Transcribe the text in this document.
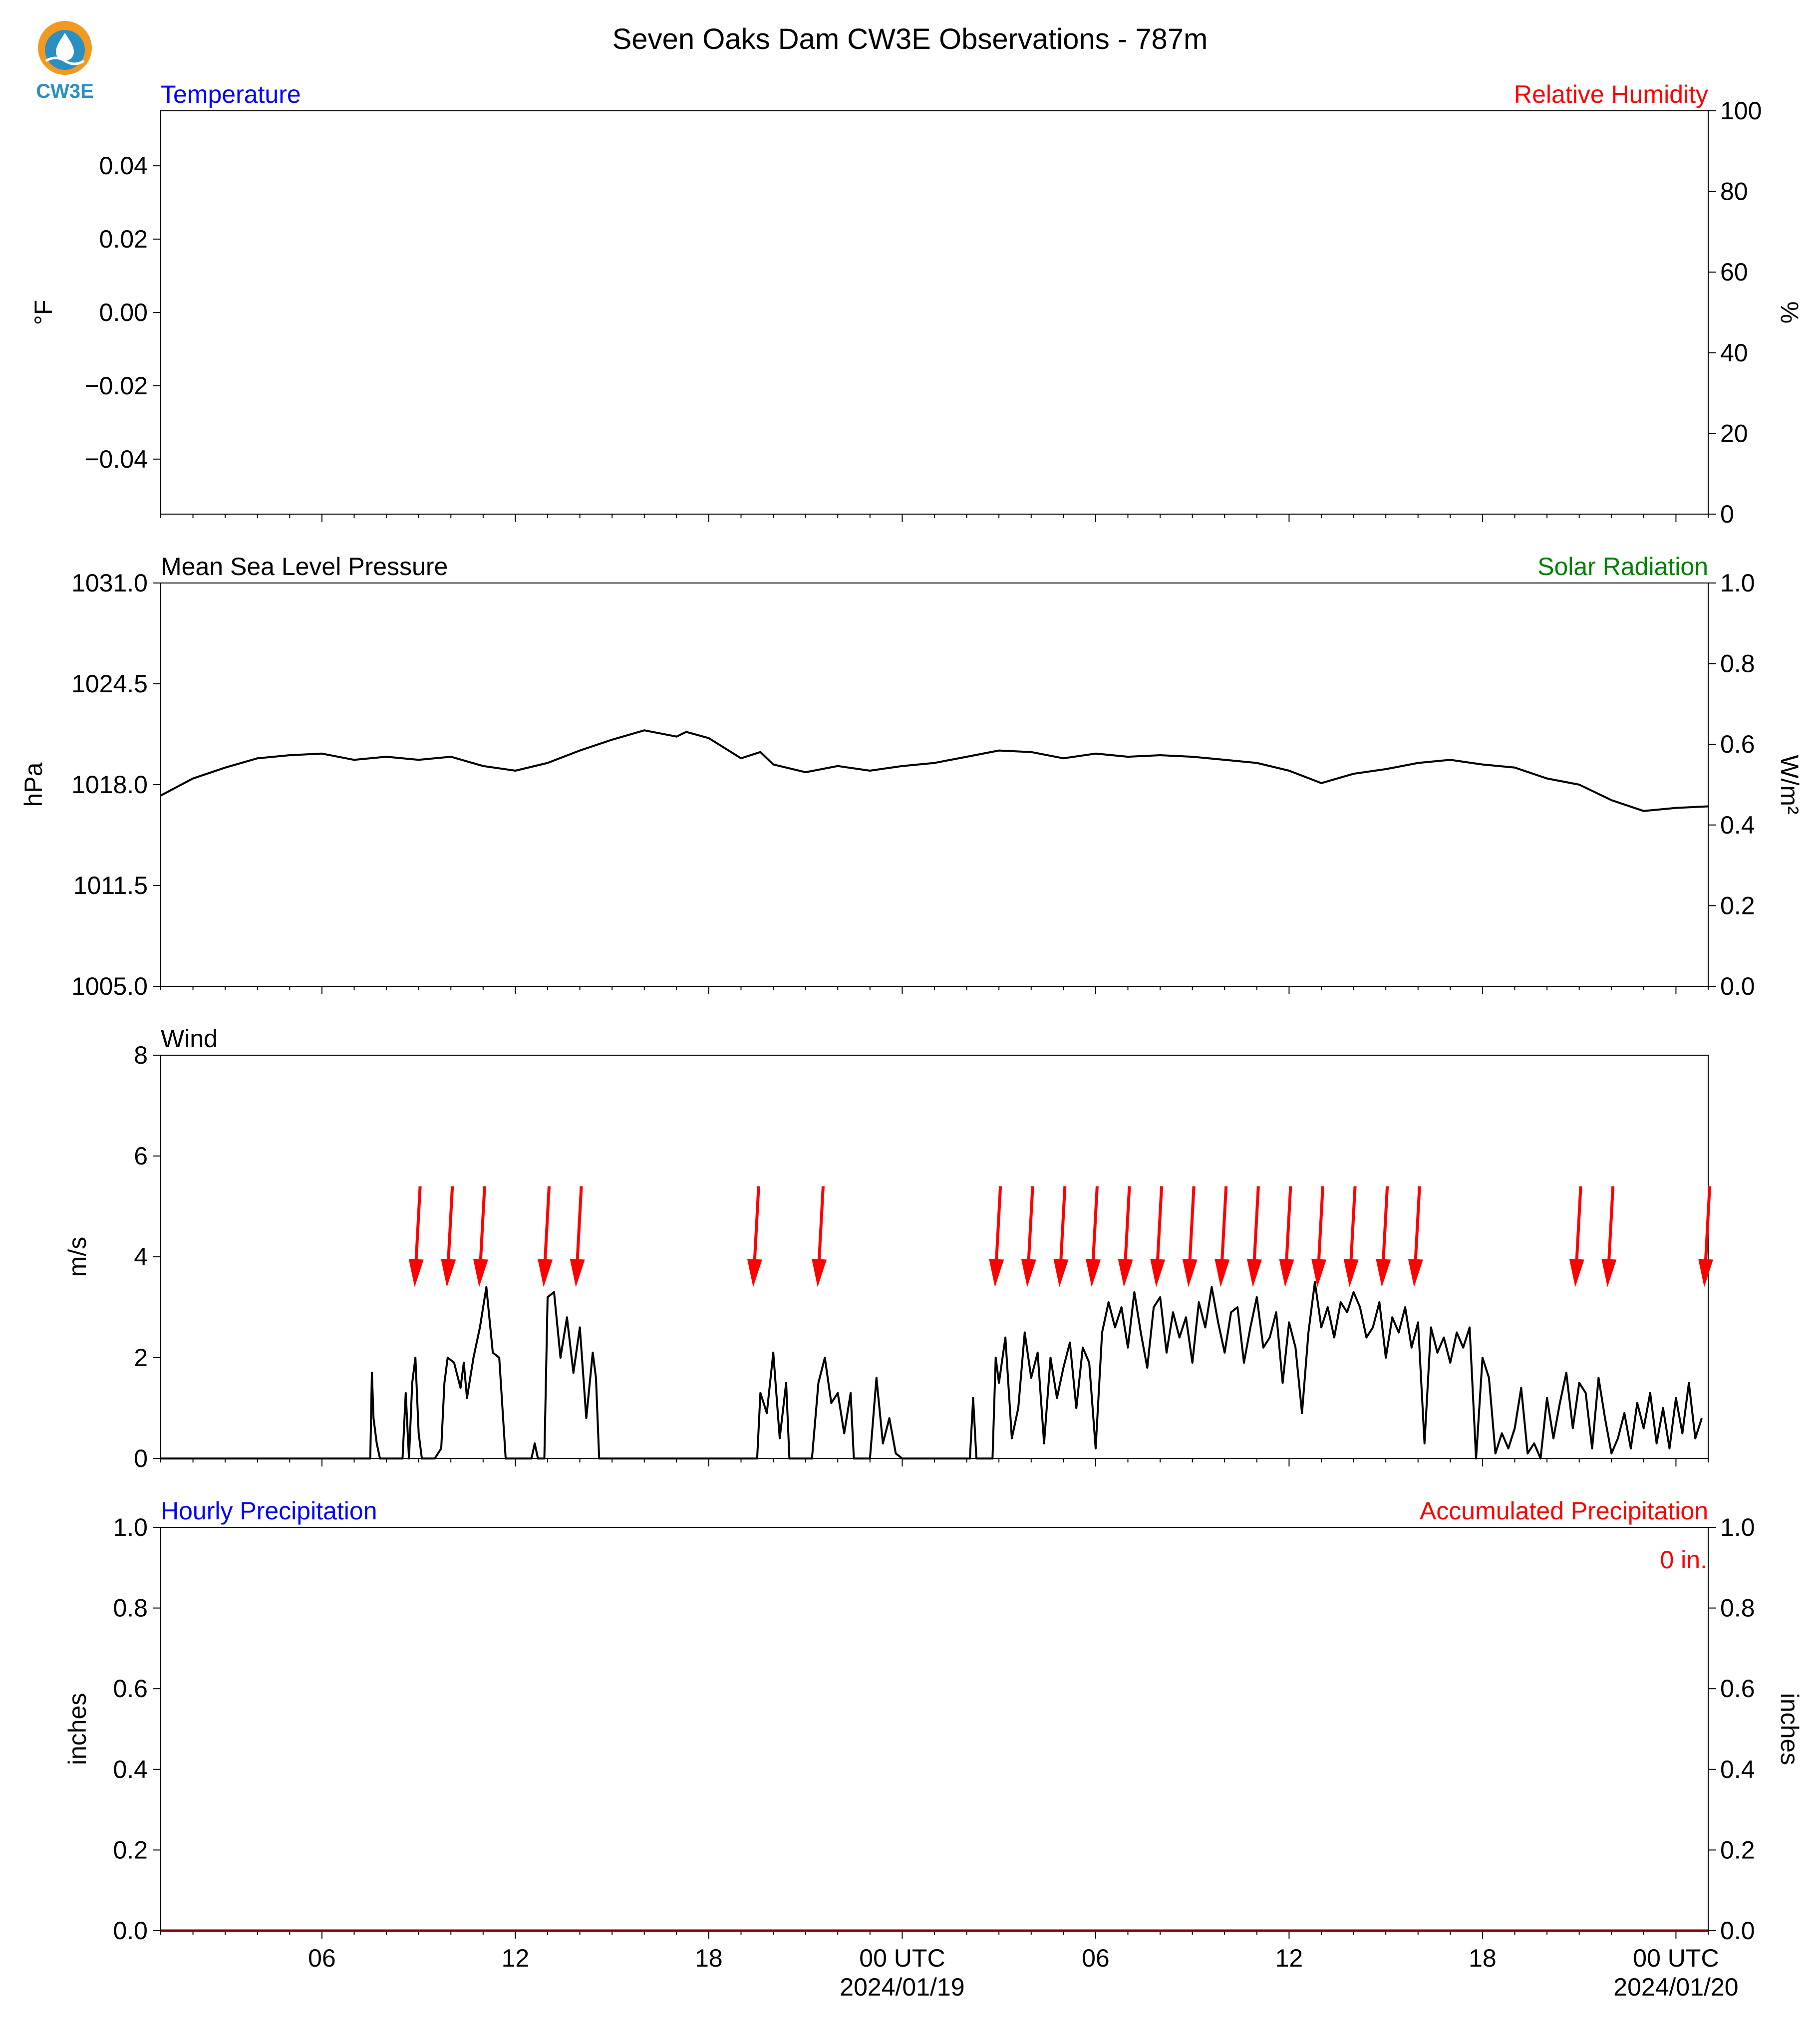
CW3E
Seven Oaks Dam CW3E Observations - 787m
Temperature	Relative Humidity
−0.04
−0.02
0.00
0.02
0.04
0
20
40
60
80
100
°F	%
Mean Sea Level Pressure	Solar Radiation
1005.0
1011.5
1018.0
1024.5
1031.0
0.0
0.2
0.4
0.6
0.8
1.0
hPa	W/m²
Wind
0
2
4
6
8
m/s
Hourly Precipitation	Accumulated Precipitation
0.0
0.2
0.4
0.6
0.8
1.0
0.0
0.2
0.4
0.6
0.8
1.0
inches	inches
0 in.
06	12	18	00 UTC	06	12	18	00 UTC
2024/01/19	2024/01/20
